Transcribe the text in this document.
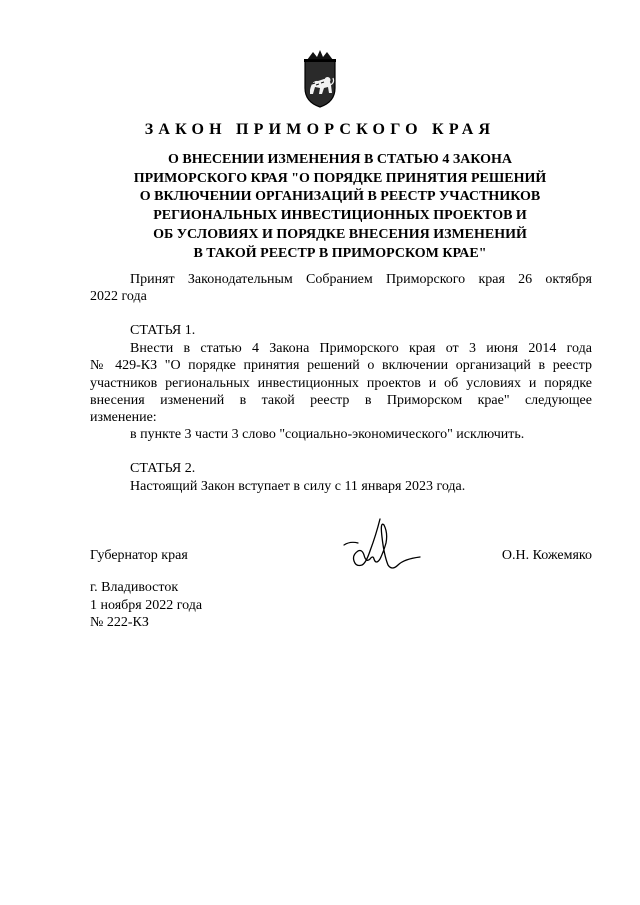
ЗАКОН ПРИМОРСКОГО КРАЯ
О ВНЕСЕНИИ ИЗМЕНЕНИЯ В СТАТЬЮ 4 ЗАКОНА
ПРИМОРСКОГО КРАЯ "О ПОРЯДКЕ ПРИНЯТИЯ РЕШЕНИЙ
О ВКЛЮЧЕНИИ ОРГАНИЗАЦИЙ В РЕЕСТР УЧАСТНИКОВ
РЕГИОНАЛЬНЫХ ИНВЕСТИЦИОННЫХ ПРОЕКТОВ И
ОБ УСЛОВИЯХ И ПОРЯДКЕ ВНЕСЕНИЯ ИЗМЕНЕНИЙ
В ТАКОЙ РЕЕСТР В ПРИМОРСКОМ КРАЕ"
Принят Законодательным Собранием Приморского края 26 октября
2022 года
СТАТЬЯ 1.
Внести в статью 4 Закона Приморского края от 3 июня 2014 года
№ 429-КЗ "О порядке принятия решений о включении организаций в реестр
участников региональных инвестиционных проектов и об условиях и порядке
внесения изменений в такой реестр в Приморском крае" следующее
изменение:
в пункте 3 части 3 слово "социально-экономического" исключить.
СТАТЬЯ 2.
Настоящий Закон вступает в силу с 11 января 2023 года.
Губернатор края	О.Н. Кожемяко
г. Владивосток
1 ноября 2022 года
№ 222-КЗ
